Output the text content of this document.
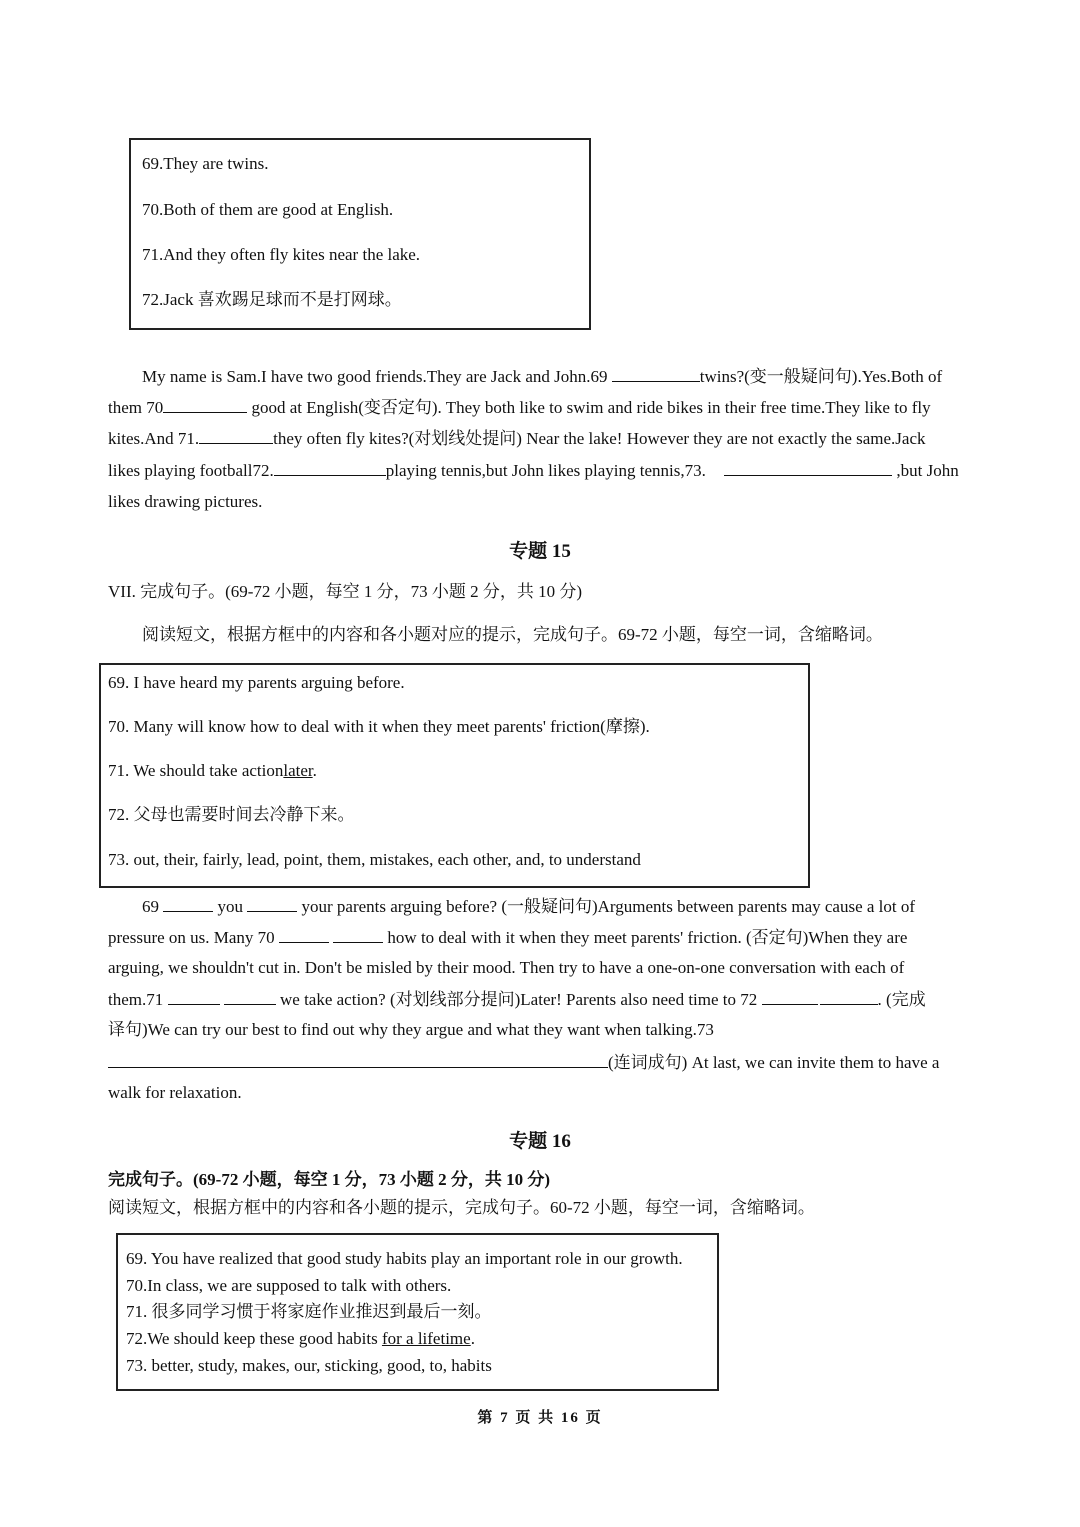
69.They are twins.
70.Both of them are good at English.
71.And they often fly kites near the lake.
72.Jack 喜欢踢足球而不是打网球。
My name is Sam.I have two good friends.They are Jack and John.69	twins?(变一般疑问句).Yes.Both of
them 70	good at English(变否定句). They both like to swim and ride bikes in their free time.They like to fly
kites.And 71.	they often fly kites?(对划线处提问) Near the lake! However they are not exactly the same.Jack
likes playing football72.	playing tennis,but John likes playing tennis,73.	,but John
likes drawing pictures.
专题 15
VII. 完成句子。(69-72 小题，每空 1 分，73 小题 2 分，共 10 分)
阅读短文，根据方框中的内容和各小题对应的提示，完成句子。69-72 小题，每空一词，含缩略词。
69. I have heard my parents arguing before.
70. Many will know how to deal with it when they meet parents' friction(摩擦).
71. We should take actionlater.
72. 父母也需要时间去冷静下来。
73. out, their, fairly, lead, point, them, mistakes, each other, and, to understand
69	you	your parents arguing before? (一般疑问句)Arguments between parents may cause a lot of
pressure on us. Many 70	how to deal with it when they meet parents' friction. (否定句)When they are
arguing, we shouldn't cut in. Don't be misled by their mood. Then try to have a one-on-one conversation with each of
them.71	we take action? (对划线部分提问)Later! Parents also need time to 72	. (完成
译句)We can try our best to find out why they argue and what they want when talking.73
(连词成句) At last, we can invite them to have a
walk for relaxation.
专题 16
完成句子。(69-72 小题，每空 1 分，73 小题 2 分，共 10 分)
阅读短文，根据方框中的内容和各小题的提示，完成句子。60-72 小题，每空一词，含缩略词。
69. You have realized that good study habits play an important role in our growth.
70.In class, we are supposed to talk with others.
71. 很多同学习惯于将家庭作业推迟到最后一刻。
72.We should keep these good habits for a lifetime.
73. better, study, makes, our, sticking, good, to, habits
第 7 页 共 16 页
